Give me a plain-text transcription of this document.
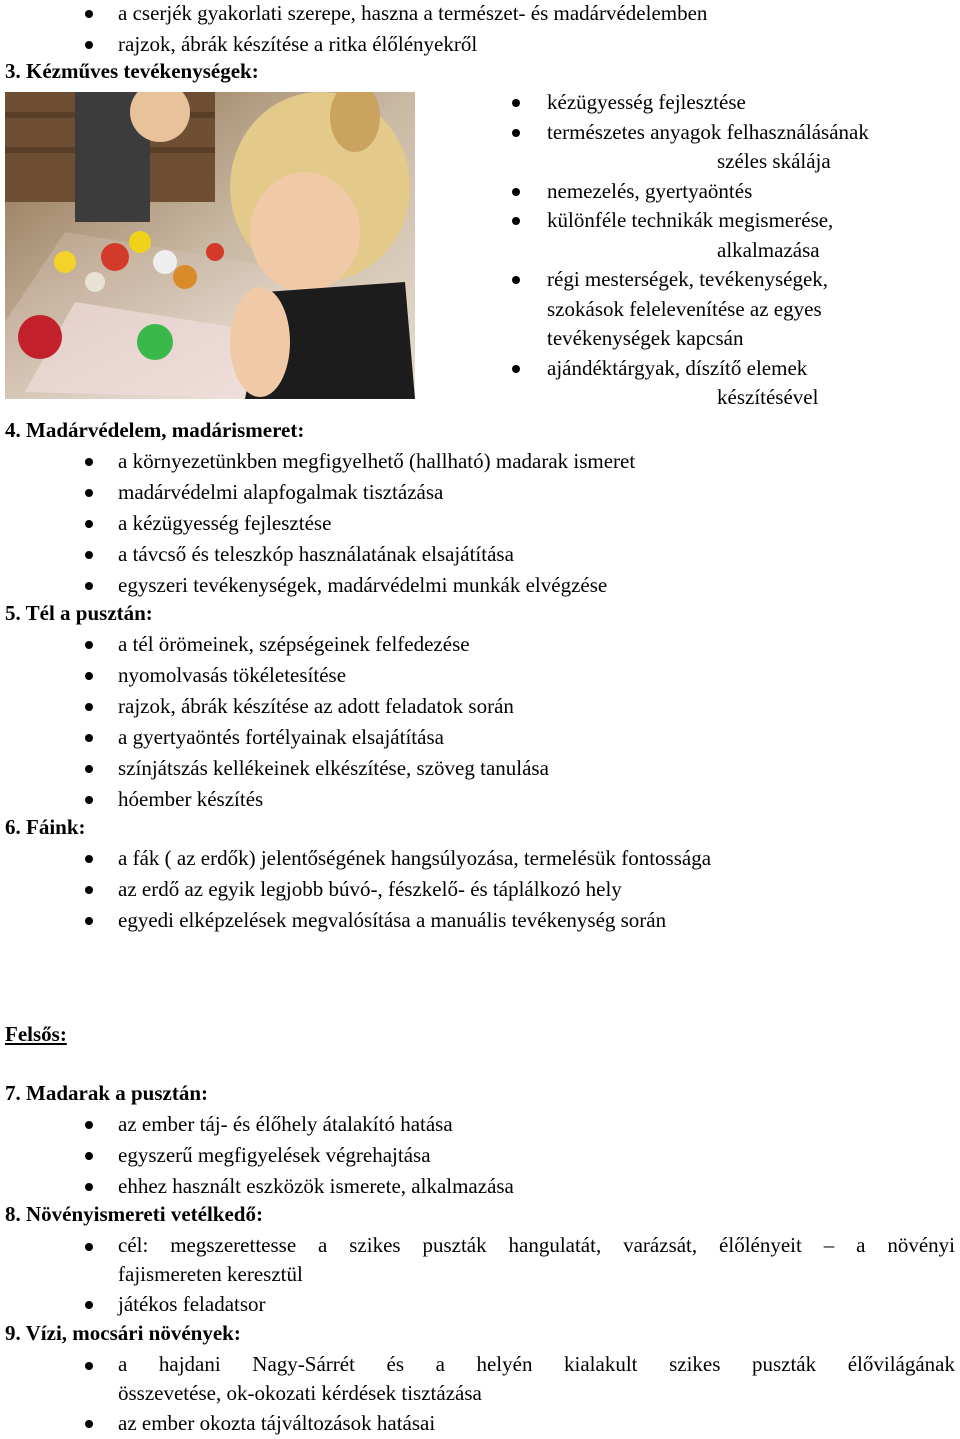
a cserjék gyakorlati szerepe, haszna a természet- és madárvédelemben
rajzok, ábrák készítése a ritka élőlényekről
3. Kézműves tevékenységek:
kézügyesség fejlesztése
természetes anyagok felhasználásának
széles skálája
nemezelés, gyertyaöntés
különféle technikák megismerése,
alkalmazása
régi mesterségek, tevékenységek,
szokások felelevenítése az egyes
tevékenységek kapcsán
ajándéktárgyak, díszítő elemek
készítésével
4. Madárvédelem, madárismeret:
a környezetünkben megfigyelhető (hallható) madarak ismeret
madárvédelmi alapfogalmak tisztázása
a kézügyesség fejlesztése
a távcső és teleszkóp használatának elsajátítása
egyszeri tevékenységek, madárvédelmi munkák elvégzése
5. Tél a pusztán:
a tél örömeinek, szépségeinek felfedezése
nyomolvasás tökéletesítése
rajzok, ábrák készítése az adott feladatok során
a gyertyaöntés fortélyainak elsajátítása
színjátszás kellékeinek elkészítése, szöveg tanulása
hóember készítés
6. Fáink:
a fák ( az erdők) jelentőségének hangsúlyozása, termelésük fontossága
az erdő az egyik legjobb búvó-, fészkelő- és táplálkozó hely
egyedi elképzelések megvalósítása a manuális tevékenység során
Felsős:
7. Madarak a pusztán:
az ember táj- és élőhely átalakító hatása
egyszerű megfigyelések végrehajtása
ehhez használt eszközök ismerete, alkalmazása
8. Növényismereti vetélkedő:
cél: megszerettesse a szikes puszták hangulatát, varázsát, élőlényeit – a növényi
fajismereten keresztül
játékos feladatsor
9. Vízi, mocsári növények:
a hajdani Nagy-Sárrét és a helyén kialakult szikes puszták élővilágának
összevetése, ok-okozati kérdések tisztázása
az ember okozta tájváltozások hatásai
